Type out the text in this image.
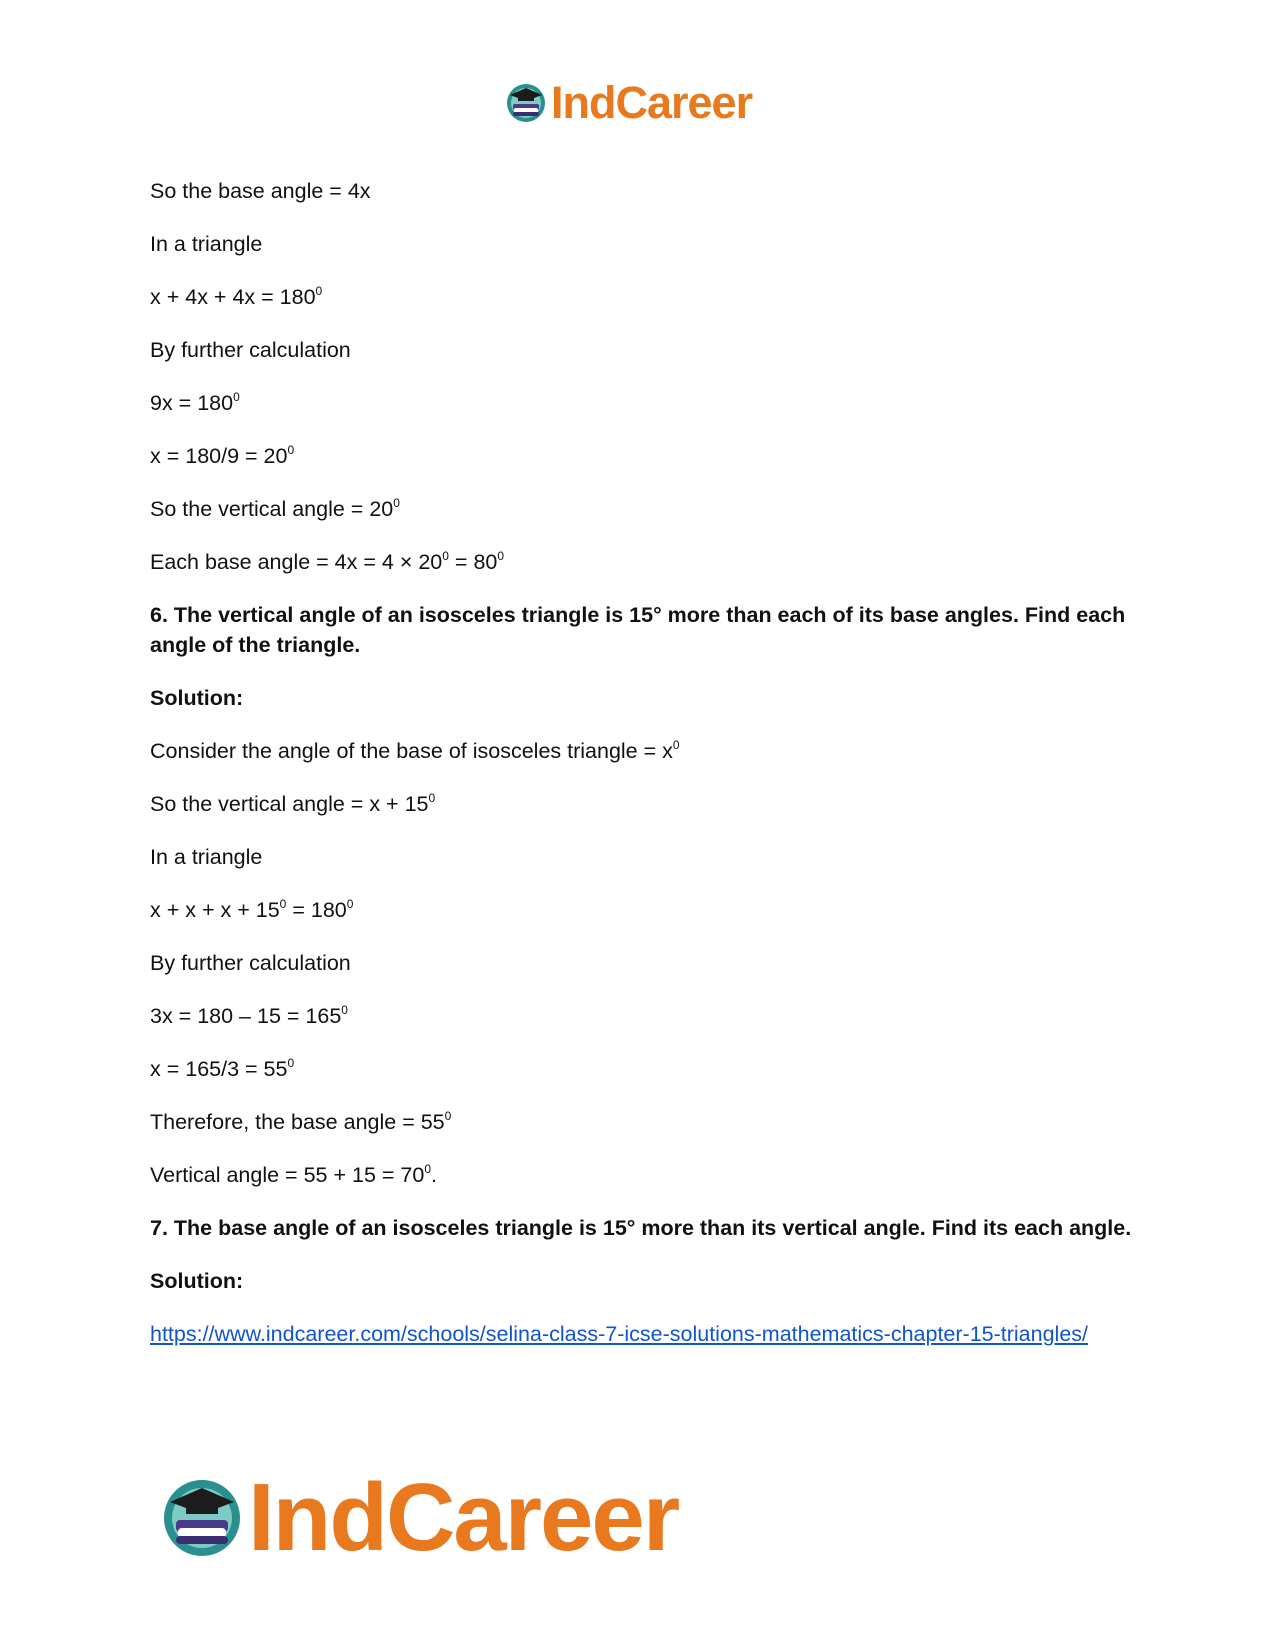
IndCareer

So the base angle = 4x

In a triangle

$x + 4x + 4x = 180^0$

By further calculation

$9x = 180^0$

$x = 180/9 = 20^0$

So the vertical angle = $20^0$

Each base angle = $4x = 4 \times 20^0 = 80^0$

6. The vertical angle of an isosceles triangle is 15° more than each of its base angles. Find each angle of the triangle.

Solution:

Consider the angle of the base of isosceles triangle = $x^0$

So the vertical angle = $x + 15^0$

In a triangle

$x + x + x + 15^0 = 180^0$

By further calculation

$3x = 180 - 15 = 165^0$

$x = 165/3 = 55^0$

Therefore, the base angle = $55^0$

Vertical angle = $55 + 15 = 70^0$.

7. The base angle of an isosceles triangle is 15° more than its vertical angle. Find its each angle.

Solution:

https://www.indcareer.com/schools/selina-class-7-icse-solutions-mathematics-chapter-15-triangles/
IndCareer
